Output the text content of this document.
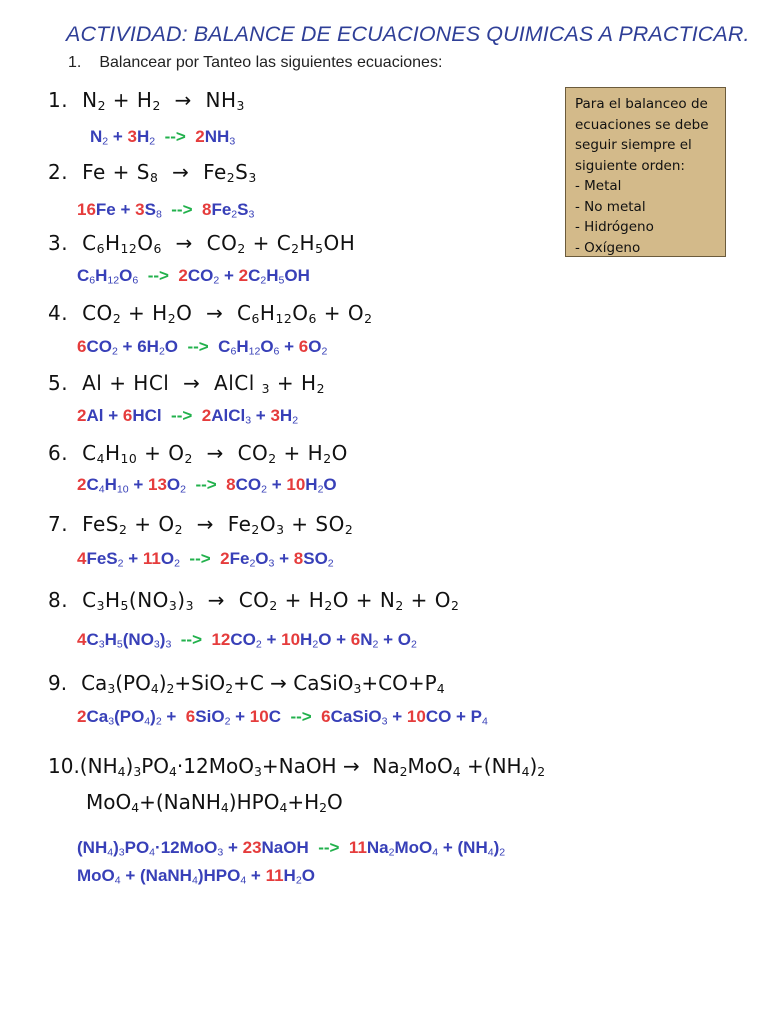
ACTIVIDAD: BALANCE DE ECUACIONES QUIMICAS A PRACTICAR.
1. Balancear por Tanteo las siguientes ecuaciones:
Para el balanceo de
ecuaciones se debe
seguir siempre el
siguiente orden:
- Metal
- No metal
- Hidrógeno
- Oxígeno
1. $N_2 + H_2 \to NH_3$
$N_2 + 3H_2$ --> $2NH_3$
2. $Fe + S_8 \to Fe_2S_3$
$16Fe + 3S_8$ --> $8Fe_2S_3$
3. $C_6H_{12}O_6 \to CO_2 + C_2H_5OH$
$C_6H_{12}O_6$ --> $2CO_2 + 2C_2H_5OH$
4. $CO_2 + H_2O \to C_6H_{12}O_6 + O_2$
$6CO_2 + 6H_2O$  -->  $C_6H_{12}O_6 + 6O_2$
5. Al + HCl  →  AlCl $_3 + H_2$
2Al + 6HCl  --> 2AlCl$_3$ + $3H_2$
6. $C_4H_{10} + O_2 \to CO_2 + H_2O$
$2C_4H_{10} + 13O_2$ --> $8CO_2 + 10H_2O$
7. $FeS_2 + O_2 \to Fe_2O_3 + SO_2$
$4FeS_2 + 11O_2$ --> $2Fe_2O_3 + 8SO_2$
8. $C_3H_5(NO_3)_3 \to CO_2 + H_2O + N_2 + O_2$
$4C_3H_5(NO_3)_3$ --> $12CO_2 + 10H_2O + 6N_2 + O_2$
9. $Ca_3(PO_4)_2+SiO_2+C$ → $CaSiO_3+CO+P_4$
$2Ca_3(PO_4)_2 + 6SiO_2 + 10C$  --> 6CaSiO$_3$ + $10CO + P_4$
$10.(NH_4)_3PO_4\cdot 12MoO_3+NaOH \to Na_2MoO_4 +(NH_4)_2$
$MoO_4+(NaNH_4)HPO_4+H_2O$
$(NH_4)_3PO_4\cdot 12MoO_3$ + 23NaOH  --> $11Na_2MoO_4 + (NH_4)_2$
$MoO_4 + (NaNH_4)HPO_4 + 11H_2O$
